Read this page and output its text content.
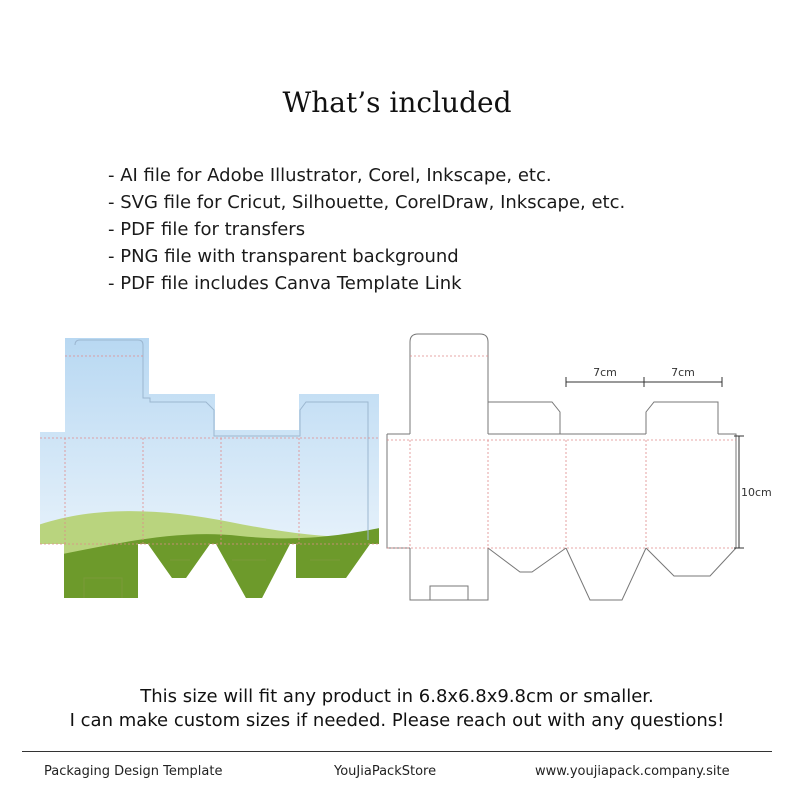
What’s included
- AI file for Adobe Illustrator, Corel, Inkscape, etc.
- SVG file for Cricut, Silhouette, CorelDraw, Inkscape, etc.
- PDF file for transfers
- PNG file with transparent background
- PDF file includes Canva Template Link
7cm	7cm
10cm
This size will fit any product in 6.8x6.8x9.8cm or smaller.
I can make custom sizes if needed. Please reach out with any questions!
Packaging Design Template	YouJiaPackStore	www.youjiapack.company.site
